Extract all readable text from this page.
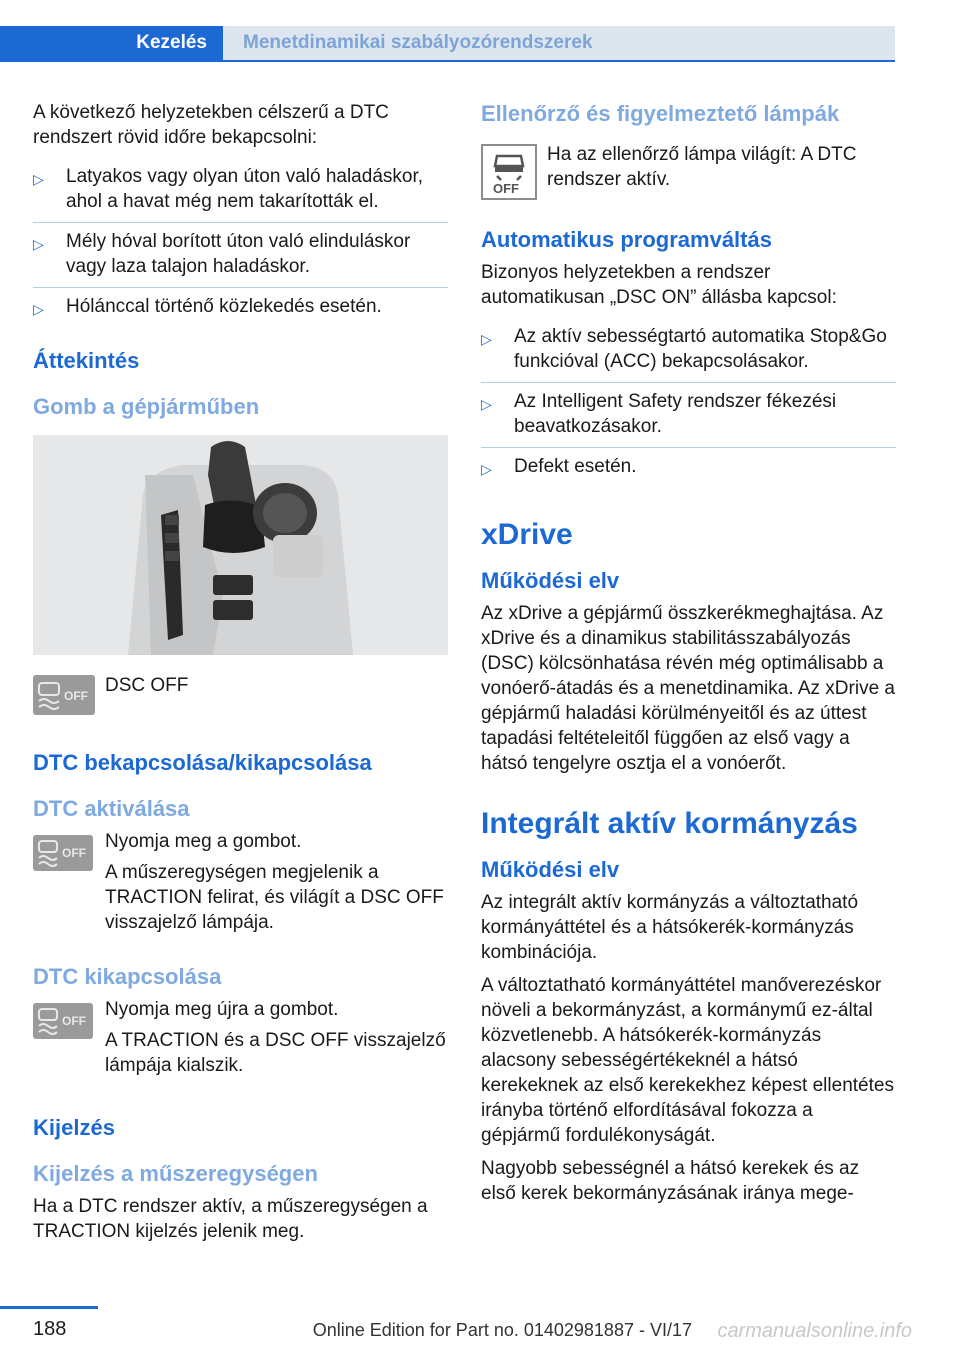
Kezelés	Menetdinamikai szabályozórendszerek

A következő helyzetekben célszerű a DTC rendszert rövid időre bekapcsolni:

▷ Latyakos vagy olyan úton való haladáskor, ahol a havat még nem takarították el.
▷ Mély hóval borított úton való elinduláskor vagy laza talajon haladáskor.
▷ Hólánccal történő közlekedés esetén.
Áttekintés
Gomb a gépjárműben
OFF DSC OFF

DTC bekapcsolása/kikapcsolása
DTC aktiválása
OFF

Nyomja meg a gombot.

A műszeregységen megjelenik a TRACTION felirat, és világít a DSC OFF visszajelző lámpája.

DTC kikapcsolása
OFF

Nyomja meg újra a gombot.

A TRACTION és a DSC OFF visszajelző lámpája kialszik.

Kijelzés
Kijelzés a műszeregységen

Ha a DTC rendszer aktív, a műszeregységen a TRACTION kijelzés jelenik meg.

Ellenőrző és figyelmeztető lámpák
OFF

Ha az ellenőrző lámpa világít: A DTC rendszer aktív.

Automatikus programváltás

Bizonyos helyzetekben a rendszer automatikusan „DSC ON” állásba kapcsol:

▷ Az aktív sebességtartó automatika Stop&Go funkcióval (ACC) bekapcsolásakor.
▷ Az Intelligent Safety rendszer fékezési beavatkozásakor.
▷ Defekt esetén.
xDrive
Működési elv

Az xDrive a gépjármű összkerékmeghajtása. Az xDrive és a dinamikus stabilitásszabályozás (DSC) kölcsönhatása révén még optimálisabb a vonóerő-átadás és a menetdinamika. Az xDrive a gépjármű haladási körülményeitől és az úttest tapadási feltételeitől függően az első vagy a hátsó tengelyre osztja el a vonóerőt.

Integrált aktív kormányzás
Működési elv

Az integrált aktív kormányzás a változtatható kormányáttétel és a hátsókerék-kormányzás kombinációja.

A változtatható kormányáttétel manőverezéskor növeli a bekormányzást, a kormánymű ez-által közvetlenebb. A hátsókerék-kormányzás alacsony sebességértékeknél a hátsó kerekeknek az első kerekekhez képest ellentétes irányba történő elfordításával fokozza a gépjármű fordulékonyságát.

Nagyobb sebességnél a hátsó kerekek és az első kerek bekormányzásának iránya mege-

188	Online Edition for Part no. 01402981887 - VI/17 carmanualsonline.info
